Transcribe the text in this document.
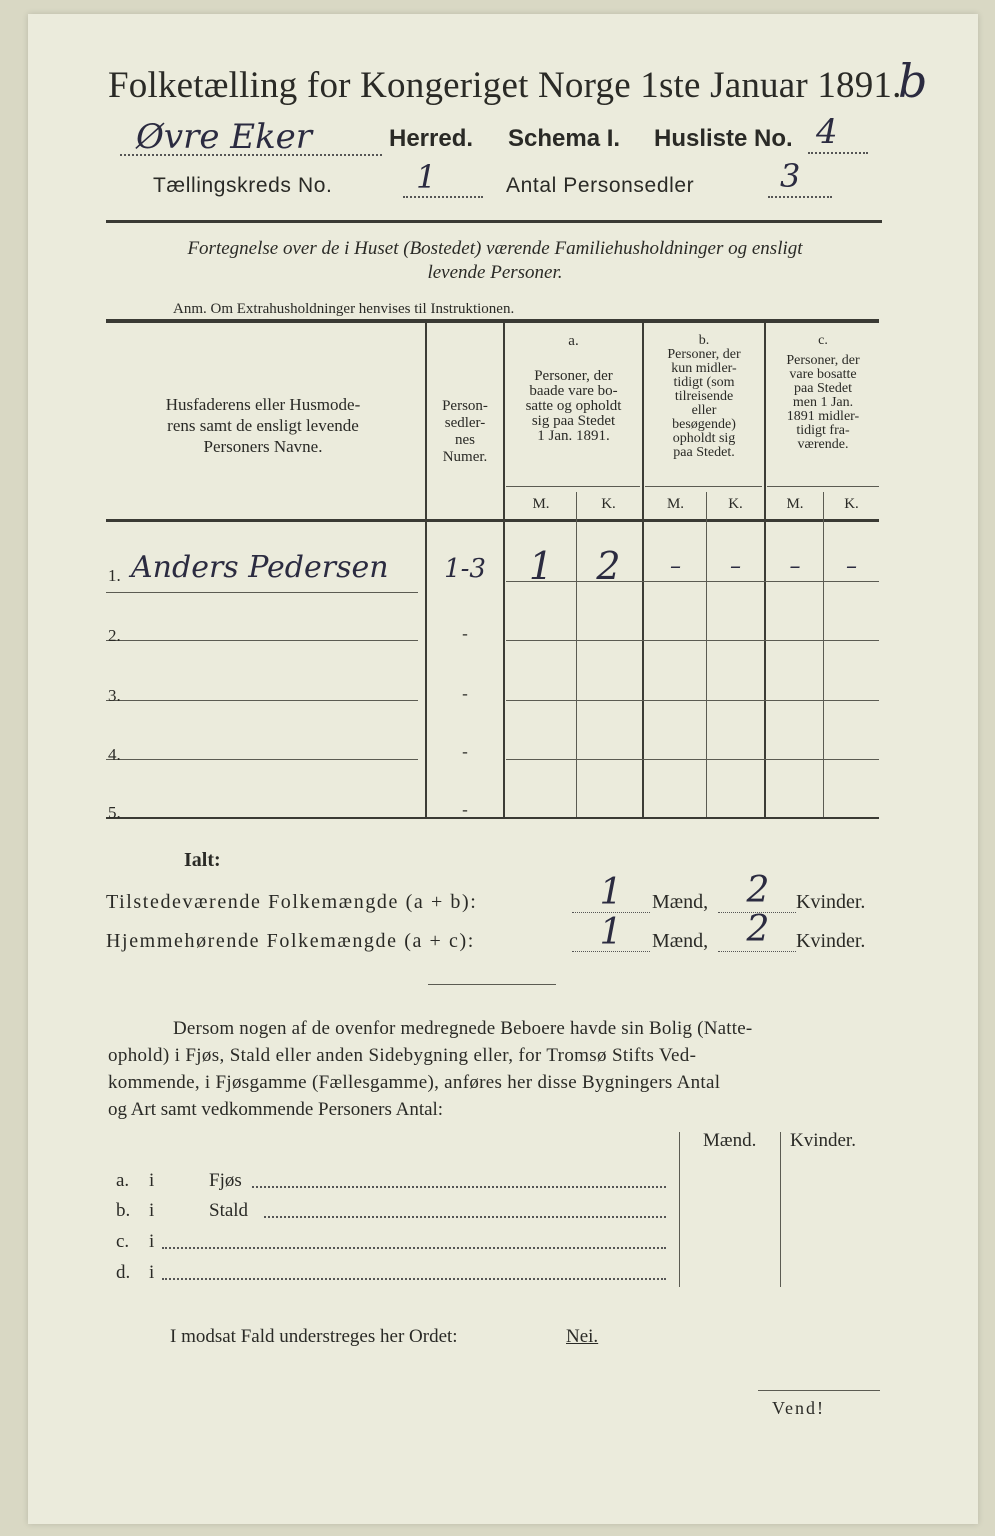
Folketælling for Kongeriget Norge 1ste Januar 1891.
b
Øvre Eker	Herred. Schema I. Husliste No. 4
Tællingskreds No.	1	Antal Personsedler	3
Fortegnelse over de i Huset (Bostedet) værende Familiehusholdninger og ensligt
levende Personer.
Anm. Om Extrahusholdninger henvises til Instruktionen.
Husfaderens eller Husmode-
rens samt de ensligt levende
Personers Navne.
Person-
sedler-
nes
Numer.
a.
Personer, der
baade vare bo-
satte og opholdt
sig paa Stedet
1 Jan. 1891.
b.
Personer, der
kun midler-
tidigt (som
tilreisende
eller
besøgende)
opholdt sig
paa Stedet.
c.
Personer, der
vare bosatte
paa Stedet
men 1 Jan.
1891 midler-
tidigt fra-
værende.
M.	K.	M.	K.	M.	K.
1. Anders Pedersen	1-3	1	2	–	–	–	–
2.	-
3.	-
4.	-
5.	-
Ialt:
Tilstedeværende Folkemængde (a + b):	1	Mænd,	2	Kvinder.
Hjemmehørende Folkemængde (a + c):	1	Mænd,	2	Kvinder.
Dersom nogen af de ovenfor medregnede Beboere havde sin Bolig (Natte-
ophold) i Fjøs, Stald eller anden Sidebygning eller, for Tromsø Stifts Ved-
kommende, i Fjøsgamme (Fællesgamme), anføres her disse Bygningers Antal
og Art samt vedkommende Personers Antal:
Mænd. Kvinder.
a. i	Fjøs
b. i	Stald
c. i
d. i
I modsat Fald understreges her Ordet:	Nei.
Vend!
